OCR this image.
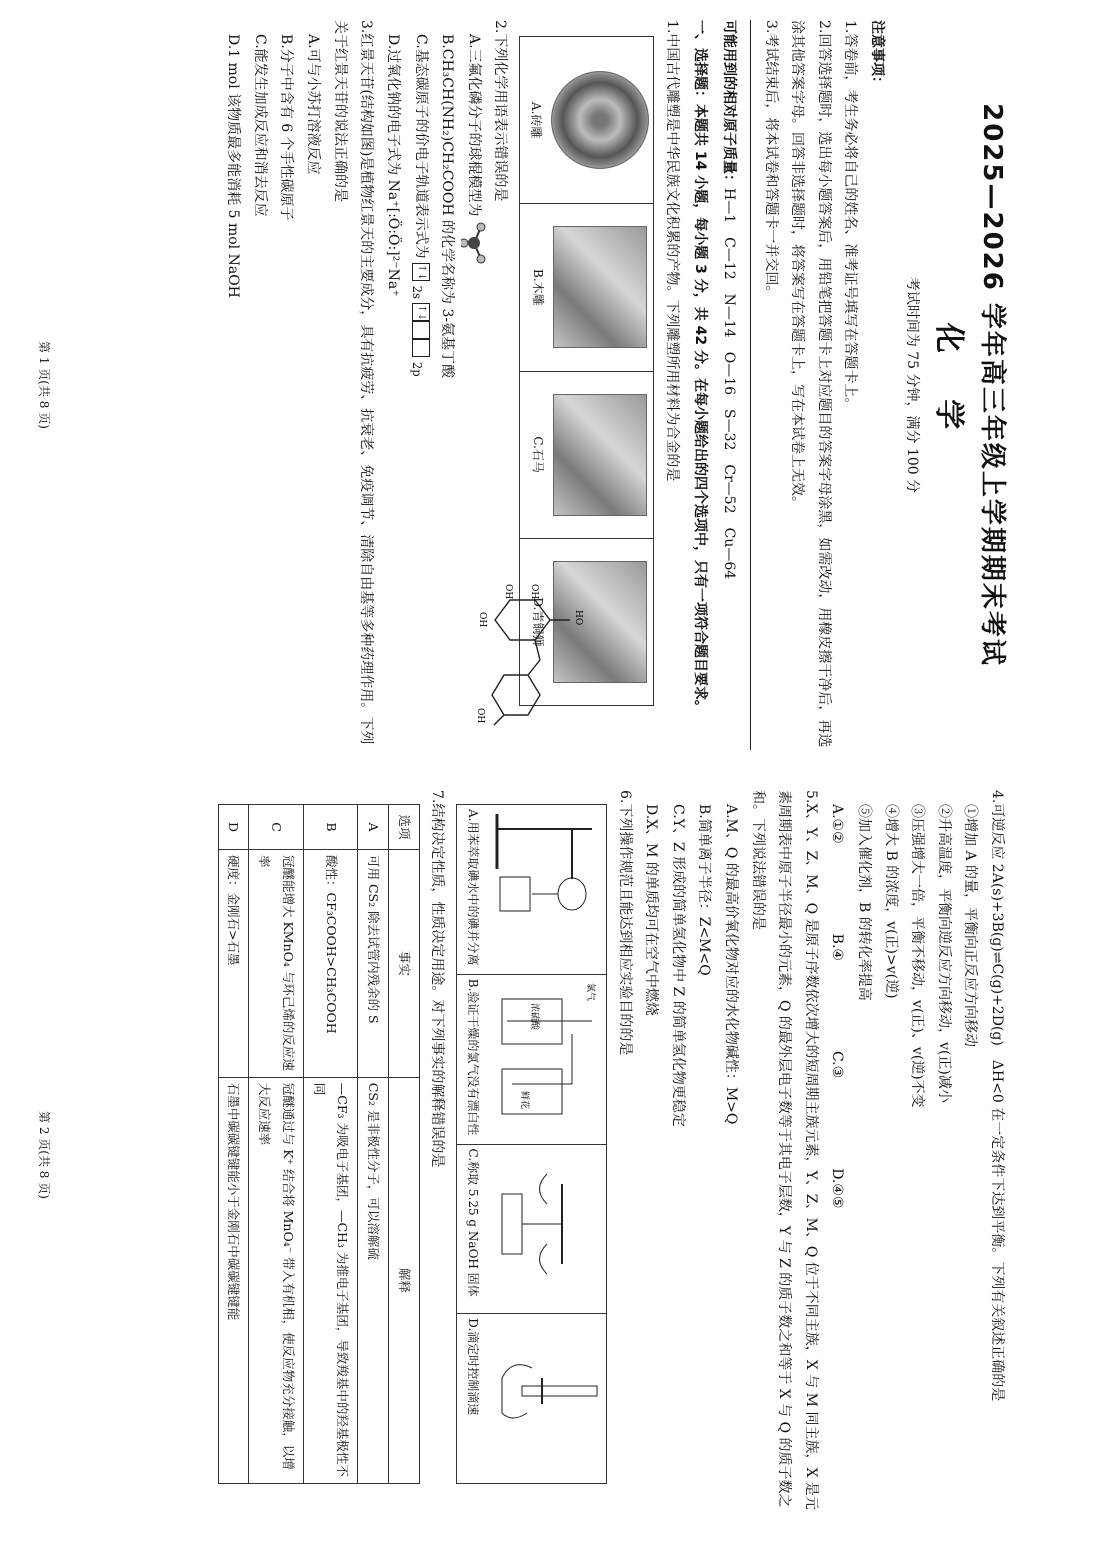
2025—2026 学年高三年级上学期期末考试

化 学

考试时间为 75 分钟，满分 100 分

注意事项：

1.答卷前，考生务必将自己的姓名、准考证号填写在答题卡上。

2.回答选择题时，选出每小题答案后，用铅笔把答题卡上对应题目的答案字母涂黑，如需改动，用橡皮擦干净后，再选涂其他答案字母。回答非选择题时，将答案写在答题卡上，写在本试卷上无效。

3.考试结束后，将本试卷和答题卡一并交回。

可能用到的相对原子质量：H—1　C—12　N—14　O—16　S—32　Cr—52　Cu—64

一、选择题：本题共 14 小题，每小题 3 分，共 42 分。在每小题给出的四个选项中，只有一项符合题目要求。

1.中国古代雕塑是中华民族文化积累的产物。下列雕塑所用材料为合金的是

A.砖雕	
B.木雕	
C.石马	
D.青铜狮

2.下列化学用语表示错误的是

A.三氟化磷分子的球棍模型为

B.CH₃CH(NH₂)CH₂COOH 的化学名称为 3-氨基丁酸

C.基态碳原子的价电子轨道表示式为 ↑↓ $_{2s}$ ↑↓ $_{2p}$

D.过氧化钠的电子式为 Na⁺[:Ö:Ö:]²⁻Na⁺

3.红景天苷(结构如图)是植物红景天的主要成分，具有抗疲劳、抗衰老、免疫调节、清除自由基等多种药理作用。下列关于红景天苷的说法正确的是

A.可与小苏打溶液反应

B.分子中含有 6 个手性碳原子

C.能发生加成反应和消去反应

D.1 mol 该物质最多能消耗 5 mol NaOH

HO
OH
OH
OH
OH

第 1 页(共 8 页)

4.可逆反应 2A(s)+3B(g)⇌C(g)+2D(g)　ΔH<0 在一定条件下达到平衡。下列有关叙述正确的是

①增加 A 的量，平衡向正反应方向移动

②升高温度，平衡向逆反应方向移动，v(正)减小

③压强增大一倍，平衡不移动，v(正)、v(逆)不变

④增大 B 的浓度，v(正)>v(逆)

⑤加入催化剂，B 的转化率提高

A.①②
B.④
C.③
D.④⑤

5.X、Y、Z、M、Q 是原子序数依次增大的短周期主族元素，Y、Z、M、Q 位于不同主族，X 与 M 同主族，X 是元素周期表中原子半径最小的元素，Q 的最外层电子数等于其电子层数，Y 与 Z 的质子数之和等于 X 与 Q 的质子数之和。下列说法错误的是

A.M、Q 的最高价氧化物对应的水化物碱性：M>Q

B.简单离子半径：Z<M<Q

C.Y、Z 形成的简单氢化物中 Z 的简单氢化物更稳定

D.X、M 的单质均可在空气中燃烧

6.下列操作规范且能达到相应实验目的的是

A.用苯萃取碘水中的碘并分离

氯气
浓硫酸
鲜花
B.验证干燥的氯气没有漂白性

C.称取 5.25 g NaOH 固体

D.滴定时控制滴速

7.结构决定性质，性质决定用途。对下列事实的解释错误的是

选项	事实	解释
A	可用 CS₂ 除去试管内残余的 S	CS₂ 是非极性分子，可以溶解硫
B	酸性：CF₃COOH>CH₃COOH	—CF₃ 为吸电子基团，—CH₃ 为推电子基团，导致羧基中的羟基极性不同
C	冠醚能增大 KMnO₄ 与环己烯的反应速率	冠醚通过与 K⁺ 结合将 MnO₄⁻ 带入有机相，使反应物充分接触，以增大反应速率
D	硬度：金刚石>石墨	石墨中碳碳键键能小于金刚石中碳碳键键能

第 2 页(共 8 页)
